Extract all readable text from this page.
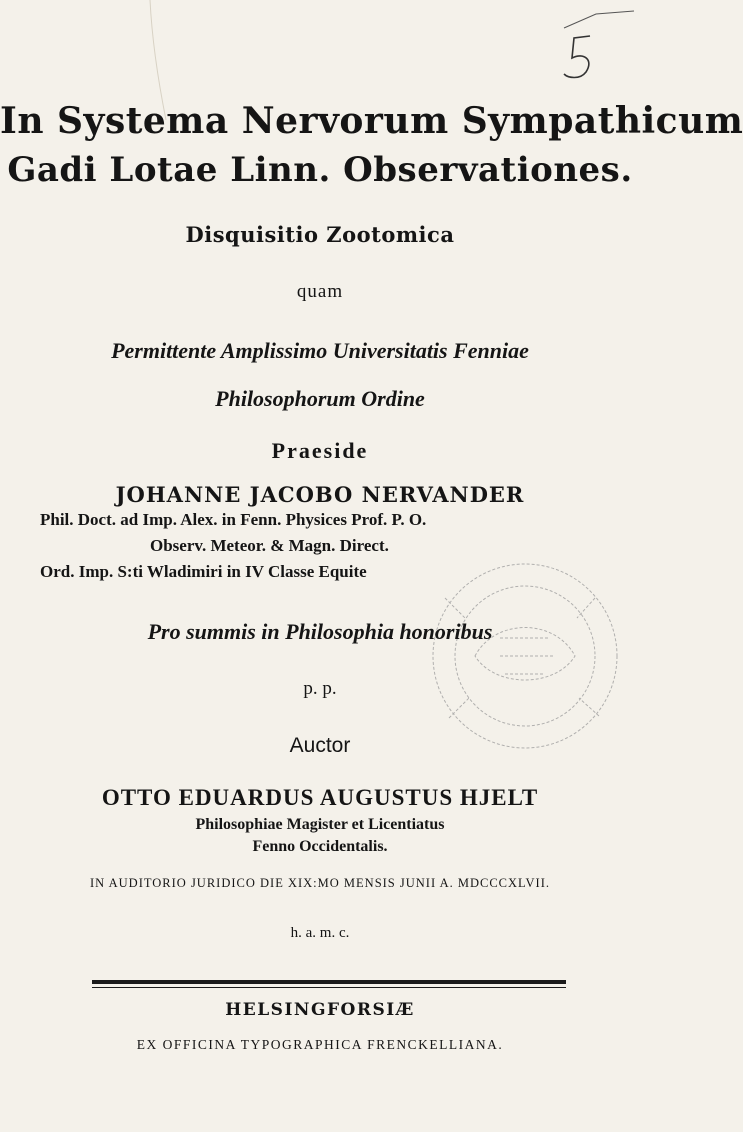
In Systema Nervorum Sympathicum
Gadi Lotae Linn. Observationes.
Disquisitio Zootomica
quam
Permittente Amplissimo Universitatis Fenniae
Philosophorum Ordine
Praeside
JOHANNE JACOBO NERVANDER
Phil. Doct. ad Imp. Alex. in Fenn. Physices Prof. P. O.
Observ. Meteor. & Magn. Direct.
Ord. Imp. S:ti Wladimiri in IV Classe Equite
Pro summis in Philosophia honoribus
p. p.
Auctor
OTTO EDUARDUS AUGUSTUS HJELT
Philosophiae Magister et Licentiatus
Fenno Occidentalis.
IN AUDITORIO JURIDICO DIE XIX:MO MENSIS JUNII A. MDCCCXLVII.
h. a. m. c.
HELSINGFORSIÆ
EX OFFICINA TYPOGRAPHICA FRENCKELLIANA.
